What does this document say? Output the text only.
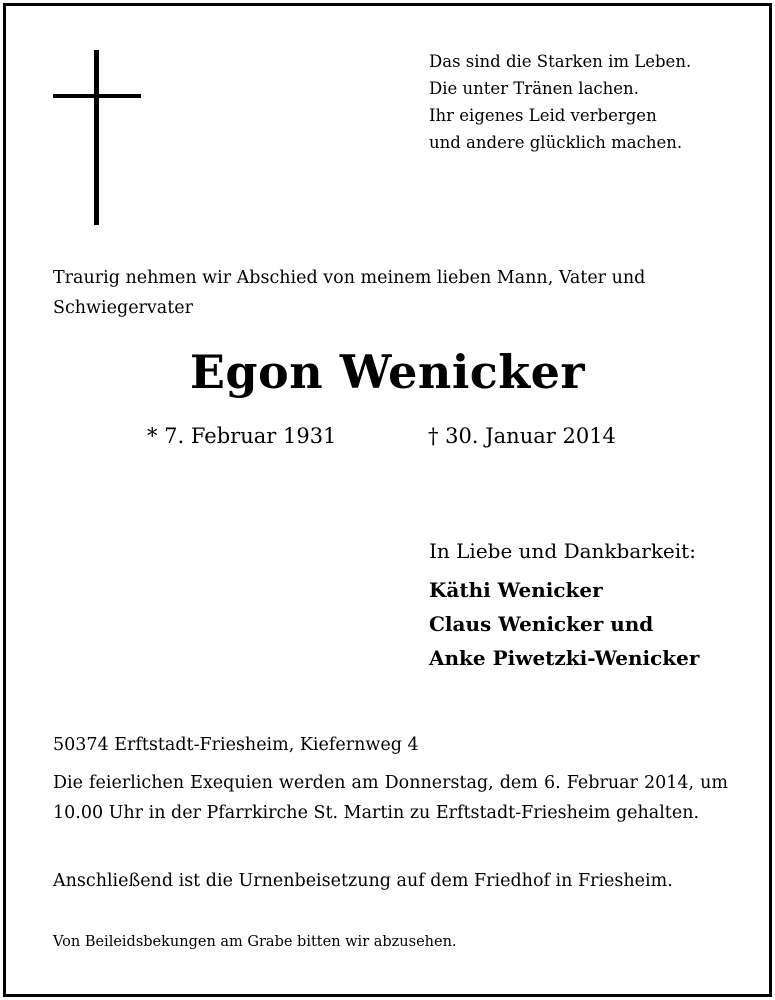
Das sind die Starken im Leben.
Die unter Tränen lachen.
Ihr eigenes Leid verbergen
und andere glücklich machen.
Traurig nehmen wir Abschied von meinem lieben Mann, Vater und Schwiegervater
Egon Wenicker
* 7. Februar 1931	† 30. Januar 2014
In Liebe und Dankbarkeit:
Käthi Wenicker
Claus Wenicker und
Anke Piwetzki-Wenicker
50374 Erftstadt-Friesheim, Kiefernweg 4
Die feierlichen Exequien werden am Donnerstag, dem 6. Februar 2014, um 10.00 Uhr in der Pfarrkirche St. Martin zu Erftstadt-Friesheim gehalten.
Anschließend ist die Urnenbeisetzung auf dem Friedhof in Friesheim.
Von Beileidsbekungen am Grabe bitten wir abzusehen.
